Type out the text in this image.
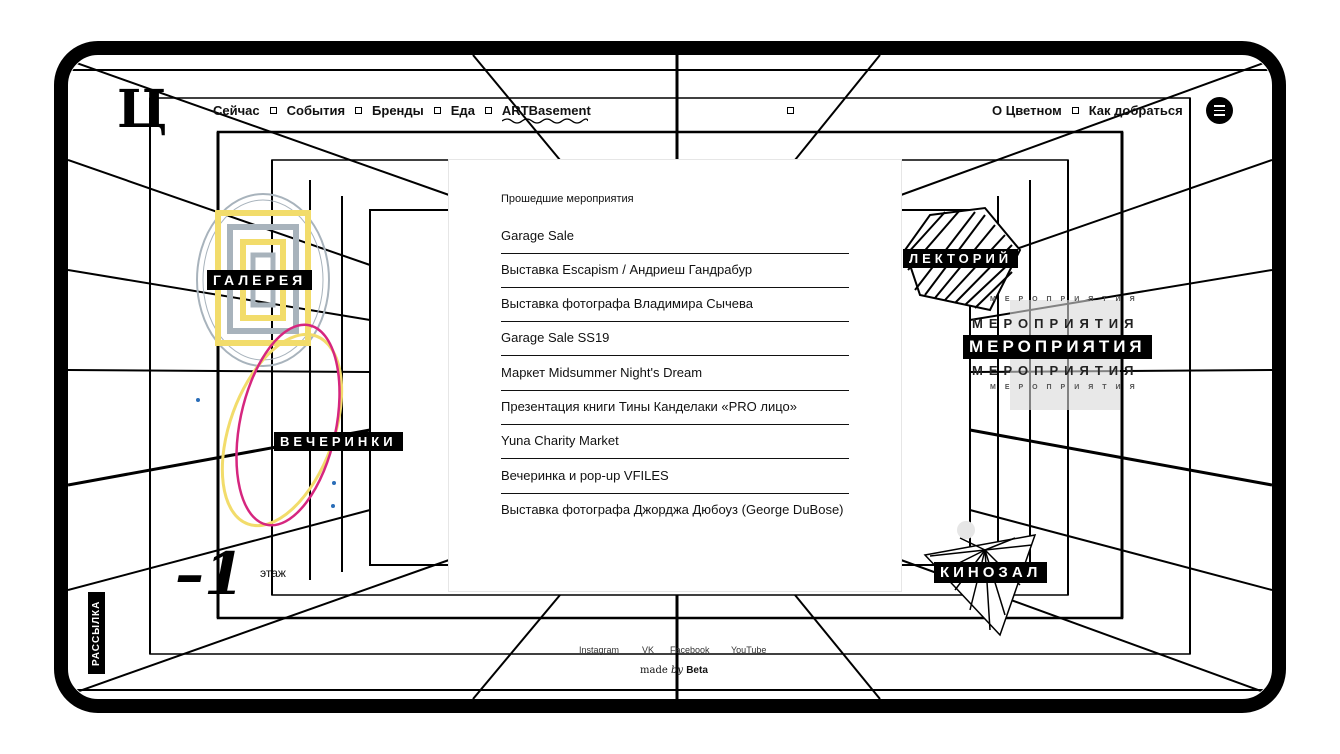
Ц	Сейчас События Бренды Еда ARTBasement	О Цветном Как добраться
Прошедшие мероприятия
Garage Sale
Выставка Escapism / Андриеш Гандрабур
Выставка фотографа Владимира Сычева
Garage Sale SS19
Маркет Midsummer Night's Dream
Презентация книги Тины Канделаки «PRO лицо»
Yuna Charity Market
Вечеринка и pop-up VFILES
Выставка фотографа Джорджа Дюбоуз (George DuBose)
ГАЛЕРЕЯ
ВЕЧЕРИНКИ
ЛЕКТОРИЙ
МЕРОПРИЯТИЯ
МЕРОПРИЯТИЯ
МЕРОПРИЯТИЯ
МЕРОПРИЯТИЯ
МЕРОПРИЯТИЯ
КИНОЗАЛ
–1 этаж
РАССЫЛКА	Instagram	VK Facebook YouTube
made by Beta
